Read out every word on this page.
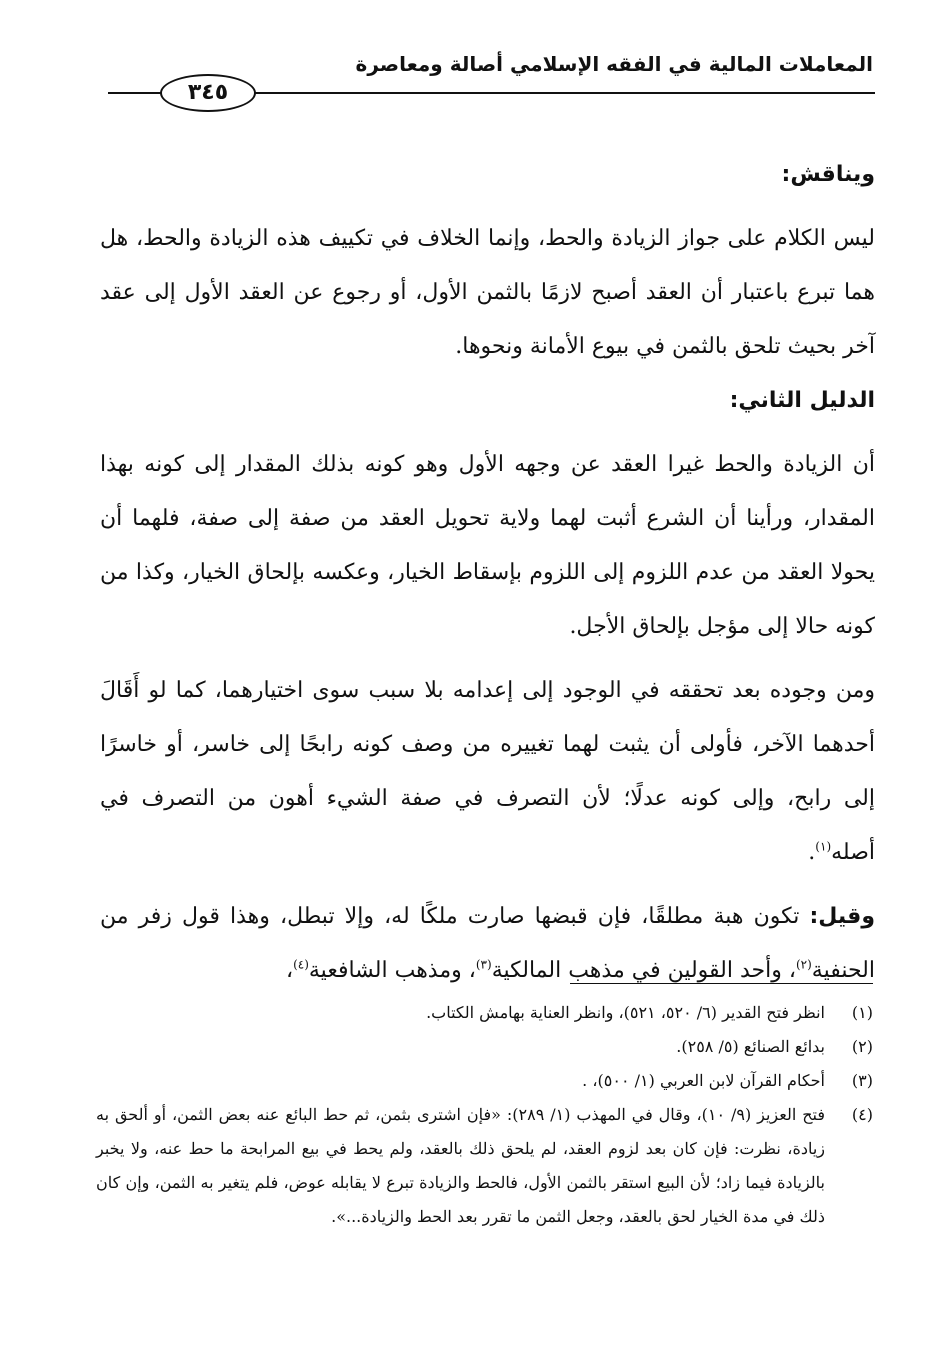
المعاملات المالية في الفقه الإسلامي أصالة ومعاصرة
٣٤٥

ويناقش:

ليس الكلام على جواز الزيادة والحط، وإنما الخلاف في تكييف هذه الزيادة والحط، هل هما تبرع باعتبار أن العقد أصبح لازمًا بالثمن الأول، أو رجوع عن العقد الأول إلى عقد آخر بحيث تلحق بالثمن في بيوع الأمانة ونحوها.

الدليل الثاني:

أن الزيادة والحط غيرا العقد عن وجهه الأول وهو كونه بذلك المقدار إلى كونه بهذا المقدار، ورأينا أن الشرع أثبت لهما ولاية تحويل العقد من صفة إلى صفة، فلهما أن يحولا العقد من عدم اللزوم إلى اللزوم بإسقاط الخيار، وعكسه بإلحاق الخيار، وكذا من كونه حالا إلى مؤجل بإلحاق الأجل.

ومن وجوده بعد تحققه في الوجود إلى إعدامه بلا سبب سوى اختيارهما، كما لو أَقَالَ أحدهما الآخر، فأولى أن يثبت لهما تغييره من وصف كونه رابحًا إلى خاسر، أو خاسرًا إلى رابح، وإلى كونه عدلًا؛ لأن التصرف في صفة الشيء أهون من التصرف في أصله$^{(١)}$.

وقيل: تكون هبة مطلقًا، فإن قبضها صارت ملكًا له، وإلا تبطل، وهذا قول زفر من الحنفية$^{(٢)}$، وأحد القولين في مذهب المالكية$^{(٣)}$، ومذهب الشافعية$^{(٤)}$،

(١)
انظر فتح القدير (٦/ ٥٢٠، ٥٢١)، وانظر العناية بهامش الكتاب.
(٢)
بدائع الصنائع (٥/ ٢٥٨).
(٣)
أحكام القرآن لابن العربي (١/ ٥٠٠)، .
(٤)
فتح العزيز (٩/ ١٠)، وقال في المهذب (١/ ٢٨٩): «فإن اشترى بثمن، ثم حط البائع عنه بعض الثمن، أو ألحق به زيادة، نظرت: فإن كان بعد لزوم العقد، لم يلحق ذلك بالعقد، ولم يحط في بيع المرابحة ما حط عنه، ولا يخبر بالزيادة فيما زاد؛ لأن البيع استقر بالثمن الأول، فالحط والزيادة تبرع لا يقابله عوض، فلم يتغير به الثمن، وإن كان ذلك في مدة الخيار لحق بالعقد، وجعل الثمن ما تقرر بعد الحط والزيادة...».
